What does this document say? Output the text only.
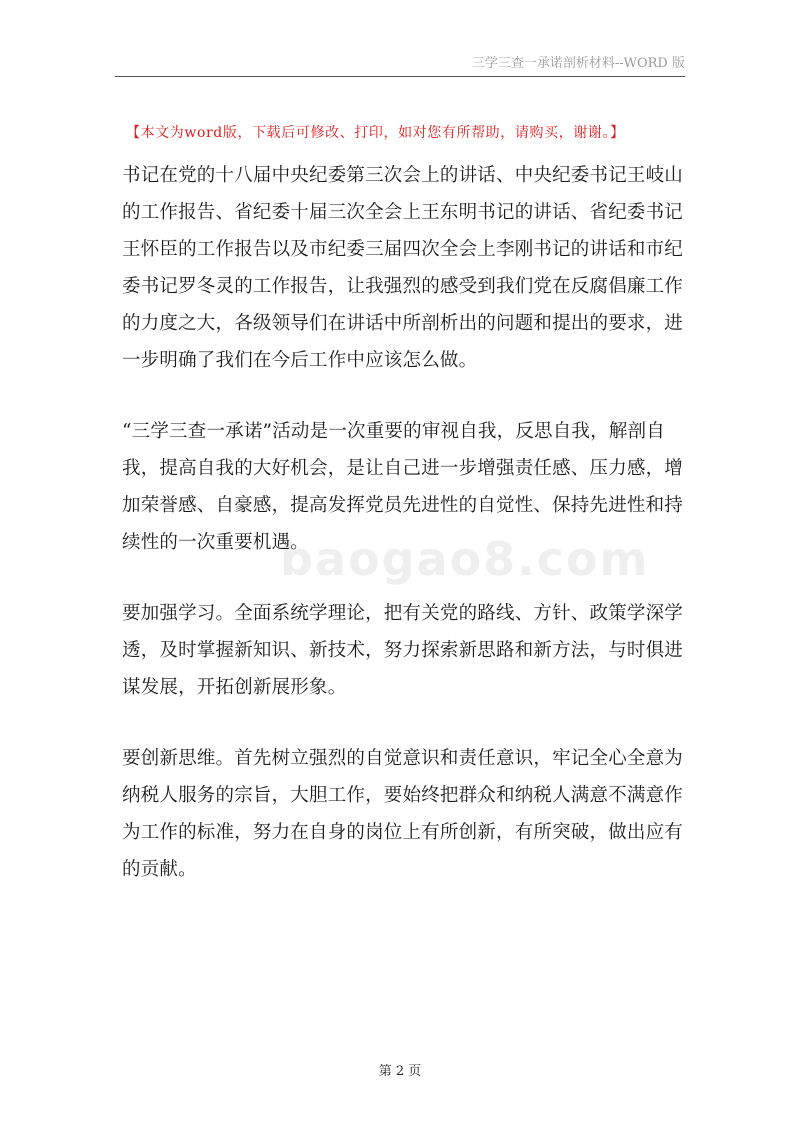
三学三查一承诺剖析材料--WORD 版
【本文为word版，下载后可修改、打印，如对您有所帮助，请购买，谢谢。】
baogao8.com

书记在党的十八届中央纪委第三次会上的讲话、中央纪委书记王岐山的工作报告、省纪委十届三次全会上王东明书记的讲话、省纪委书记王怀臣的工作报告以及市纪委三届四次全会上李刚书记的讲话和市纪委书记罗冬灵的工作报告，让我强烈的感受到我们党在反腐倡廉工作的力度之大，各级领导们在讲话中所剖析出的问题和提出的要求，进一步明确了我们在今后工作中应该怎么做。

“三学三查一承诺”活动是一次重要的审视自我，反思自我，解剖自我，提高自我的大好机会，是让自己进一步增强责任感、压力感，增加荣誉感、自豪感，提高发挥党员先进性的自觉性、保持先进性和持续性的一次重要机遇。

要加强学习。全面系统学理论，把有关党的路线、方针、政策学深学透，及时掌握新知识、新技术，努力探索新思路和新方法，与时俱进谋发展，开拓创新展形象。

要创新思维。首先树立强烈的自觉意识和责任意识，牢记全心全意为纳税人服务的宗旨，大胆工作，要始终把群众和纳税人满意不满意作为工作的标准，努力在自身的岗位上有所创新，有所突破，做出应有的贡献。

第 2 页
